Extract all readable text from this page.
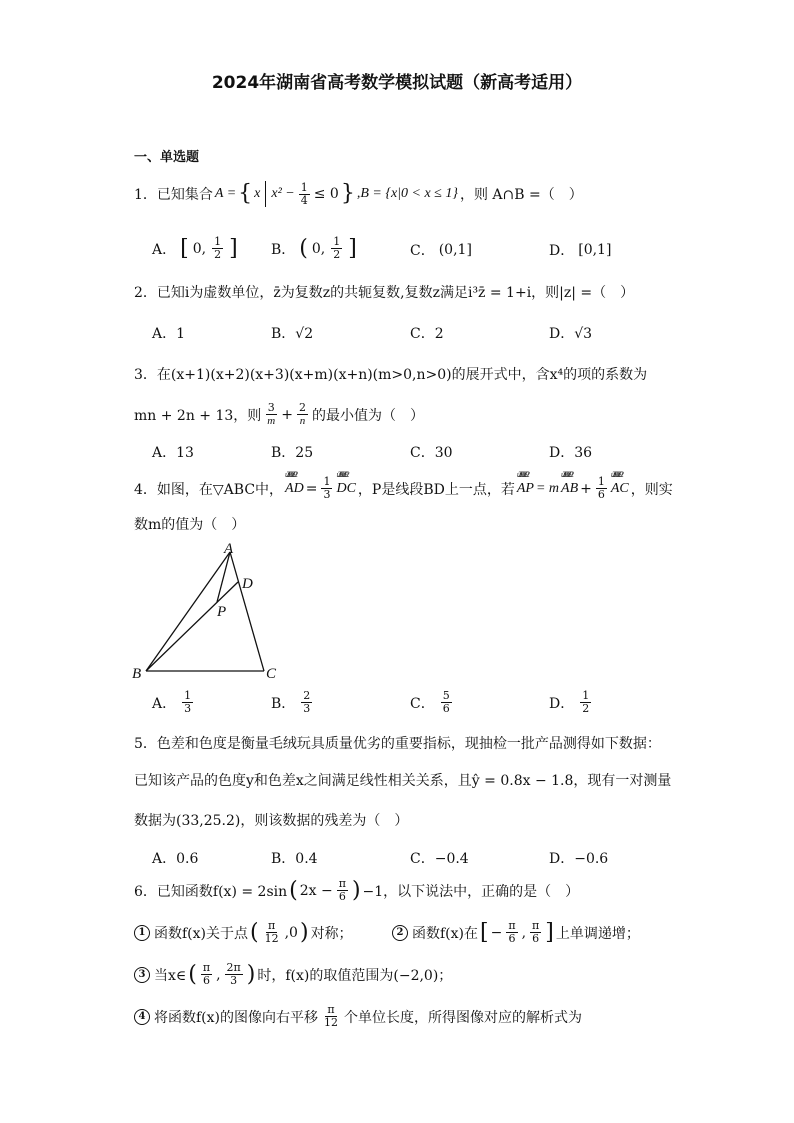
2024年湖南省高考数学模拟试题（新高考适用）
一、单选题
1．已知集合 A = { x $x^2 - \frac{1}{4} \le 0$ } ,B = {x|0 < x ≤ 1} ，则 A∩B =（　）
A． [ 0, $\frac{1}{2}$ ] B． ( 0, $\frac{1}{2}$ ]	C． (0,1]	D． [0,1]
2．已知i为虚数单位，z̄为复数z的共轭复数,复数z满足i³z̄ = 1+i，则|z| =（　）
A．1	B．√2	C．2	D．√3
3．在(x+1)(x+2)(x+3)(x+m)(x+n)(m>0,n>0)的展开式中，含x⁴的项的系数为
mn + 2n + 13，则 $\frac{3}{m} + \frac{2}{n}$ 的最小值为（　）
A．13	B．25	C．30	D．36
4．如图，在▽ABC中，
u2190u2192 AD = $\frac{1}{3}$
u2190u2192 DC ，P是线段BD上一点，若
u2190u2192 AP = m
u2190u2192 AB + $\frac{1}{6}$
u2190u2192 AC ，则实
数m的值为（　）
A
B	C
D
P
A． $\frac{1}{3}$	B． $\frac{2}{3}$	C． $\frac{5}{6}$	D． $\frac{1}{2}$
5．色差和色度是衡量毛绒玩具质量优劣的重要指标，现抽检一批产品测得如下数据：
已知该产品的色度y和色差x之间满足线性相关关系，且ŷ = 0.8x − 1.8，现有一对测量
数据为(33,25.2)，则该数据的残差为（　）
A．0.6	B．0.4	C．−0.4	D．−0.6
6．已知函数f(x) = 2sin ( $2x - \frac{\pi}{6}$ ) −1，以下说法中，正确的是（　）
1 函数f(x)关于点 ( $\frac{\pi}{12} ,0$ ) 对称；	2 函数f(x)在 [ − $\frac{\pi}{6}$ , $\frac{\pi}{6}$ ] 上单调递增；
3 当x∈ ( $\frac{\pi}{6}$ , $\frac{2\pi}{3}$ ) 时，f(x)的取值范围为(−2,0)；
4 将函数f(x)的图像向右平移 $\frac{\pi}{12}$ 个单位长度，所得图像对应的解析式为
